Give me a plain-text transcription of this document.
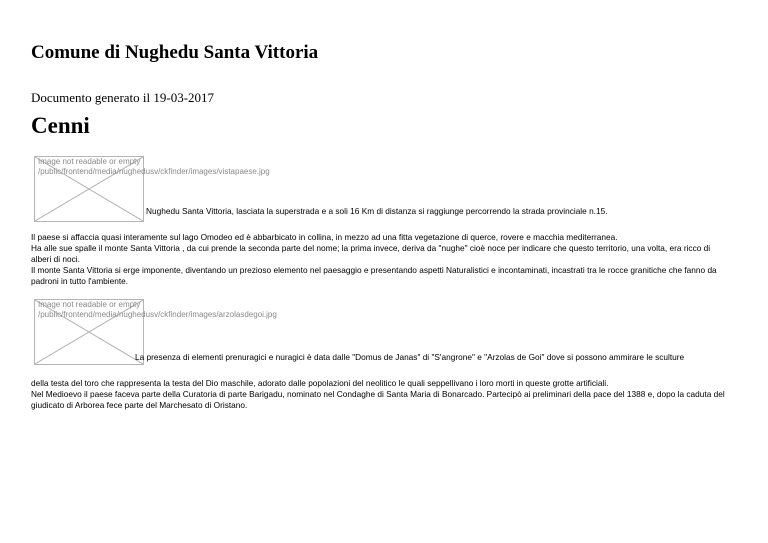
Comune di Nughedu Santa Vittoria
Documento generato il 19-03-2017
Cenni
Image not readable or empty
/public/frontend/media/nughedusv/ckfinder/images/vistapaese.jpg
Nughedu Santa Vittoria, lasciata la superstrada e a soli 16 Km di distanza si raggiunge percorrendo la strada provinciale n.15.

Il paese si affaccia quasi interamente sul lago Omodeo ed è abbarbicato in collina, in mezzo ad una fitta vegetazione di querce, rovere e macchia mediterranea.

Ha alle sue spalle il monte Santa Vittoria , da cui prende la seconda parte del nome; la prima invece, deriva da "nughe" cioè noce per indicare che questo territorio, una volta, era ricco di alberi di noci.

Il monte Santa Vittoria si erge imponente, diventando un prezioso elemento nel paesaggio e presentando aspetti Naturalistici e incontaminati, incastrati tra le rocce granitiche che fanno da padroni in tutto l'ambiente.

Image not readable or empty
/public/frontend/media/nughedusv/ckfinder/images/arzolasdegoi.jpg
La presenza di elementi prenuragici e nuragici è data dalle "Domus de Janas" di "S'angrone" e "Arzolas de Goi" dove si possono ammirare le sculture

della testa del toro che rappresenta la testa del Dio maschile, adorato dalle popolazioni del neolitico le quali seppellivano i loro morti in queste grotte artificiali.

Nel Medioevo il paese faceva parte della Curatoria di parte Barigadu, nominato nel Condaghe di Santa Maria di Bonarcado. Partecipò ai preliminari della pace del 1388 e, dopo la caduta del giudicato di Arborea fece parte del Marchesato di Oristano.
